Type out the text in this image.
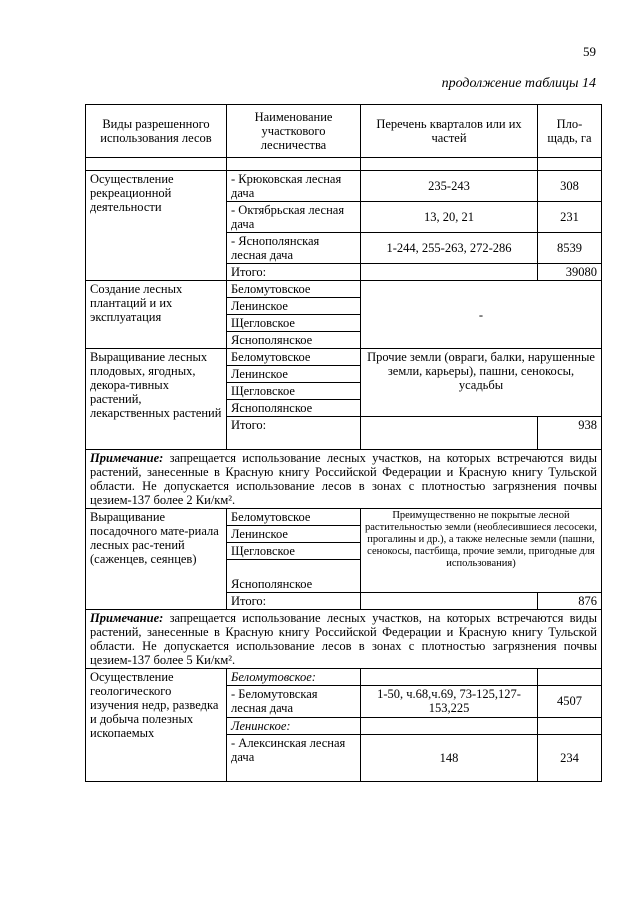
59
продолжение таблицы 14
Виды разрешенного использования лесов	Наименование участкового лесничества	Перечень кварталов или их частей	Пло-щадь, га

Осуществление рекреационной деятельности	- Крюковская лесная дача	235-243	308
	- Октябрьская лесная дача	13, 20, 21	231
	- Яснополянская лесная дача	1-244, 255-263, 272-286	8539
	Итого:		39080
Создание лесных плантаций и их эксплуатация	Беломутовское	-	
	Ленинское		
	Щегловское		
	Яснополянское		
Выращивание лесных плодовых, ягодных, декора-тивных растений, лекарственных растений	Беломутовское	Прочие земли (овраги, балки, нарушенные земли, карьеры), пашни, сенокосы, усадьбы	
	Ленинское		
	Щегловское		
	Яснополянское		
	Итого:		938
Примечание: запрещается использование лесных участков, на которых встречаются виды растений, занесенные в Красную книгу Российской Федерации и Красную книгу Тульской области. Не допускается использование лесов в зонах с плотностью загрязнения почвы цезием-137 более 2 Ки/км².			
Выращивание посадочного мате-риала лесных рас-тений (саженцев, сеянцев)	Беломутовское	Преимущественно не покрытые лесной растительностью земли (необлесившиеся лесосеки, прогалины и др.), а также нелесные земли (пашни, сенокосы, пастбища, прочие земли, пригодные для использования)	
	Ленинское		
	Щегловское		
	Яснополянское		
	Итого:		876
Примечание: запрещается использование лесных участков, на которых встречаются виды растений, занесенные в Красную книгу Российской Федерации и Красную книгу Тульской области. Не допускается использование лесов в зонах с плотностью загрязнения почвы цезием-137 более 5 Ки/км².			
Осуществление геологического изучения недр, разведка и добыча полезных ископаемых	Беломутовское:		
	- Беломутовская лесная дача	1-50, ч.68,ч.69, 73-125,127-153,225	4507
	Ленинское:		
	- Алексинская лесная дача	148	234
